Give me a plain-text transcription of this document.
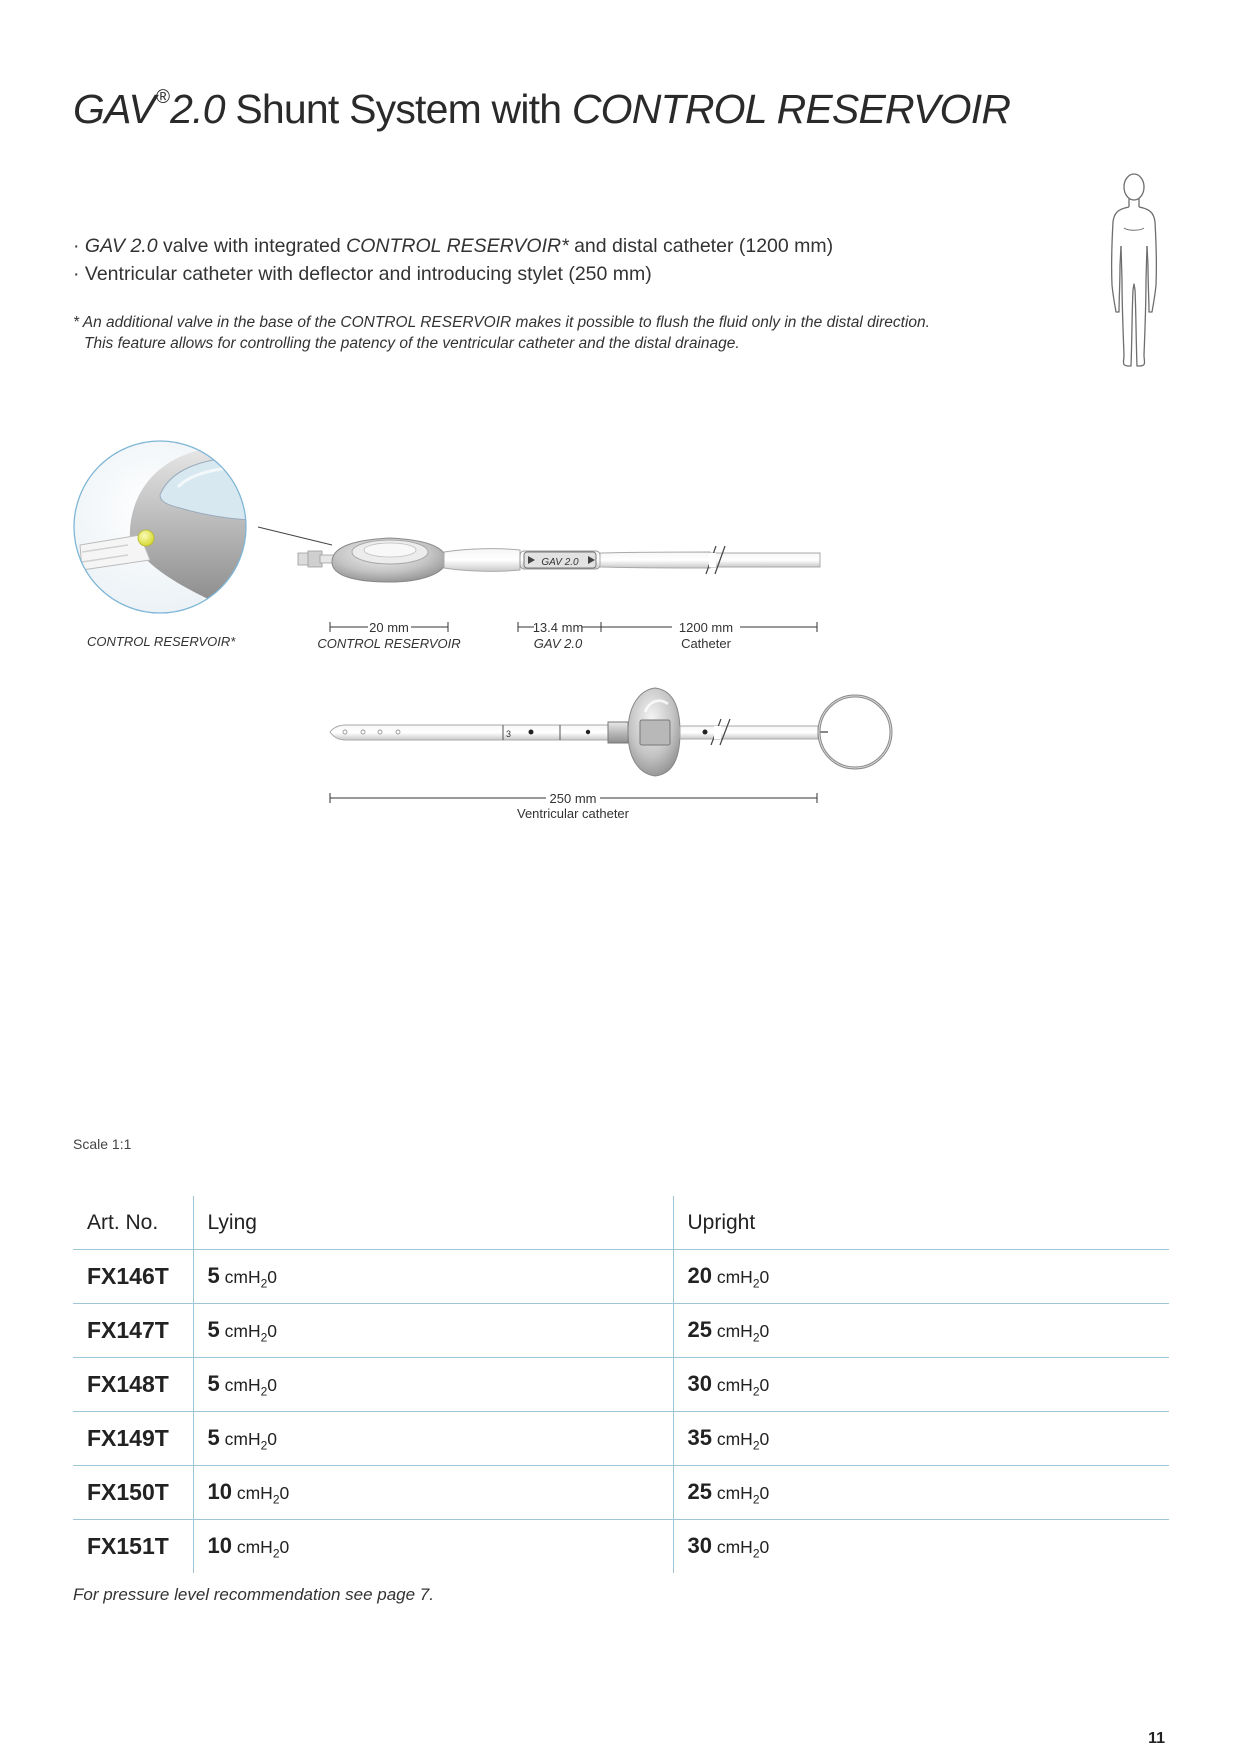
GAV®2.0 Shunt System with CONTROL RESERVOIR
· GAV 2.0 valve with integrated CONTROL RESERVOIR* and distal catheter (1200 mm)
· Ventricular catheter with deflector and introducing stylet (250 mm)
* An additional valve in the base of the CONTROL RESERVOIR makes it possible to flush the fluid only in the distal direction.
This feature allows for controlling the patency of the ventricular catheter and the distal drainage.
CONTROL RESERVOIR*
GAV 2.0
20 mm
CONTROL RESERVOIR
13.4 mm
GAV 2.0
1200 mm
Catheter
250 mm
Ventricular catheter
3
Scale 1:1
Art. No.	Lying	Upright
FX146T	5 cmH$_2$0	20 cmH$_2$0
FX147T	5 cmH$_2$0	25 cmH$_2$0
FX148T	5 cmH$_2$0	30 cmH$_2$0
FX149T	5 cmH$_2$0	35 cmH$_2$0
FX150T	10 cmH$_2$0	25 cmH$_2$0
FX151T	10 cmH$_2$0	30 cmH$_2$0
For pressure level recommendation see page 7.
11
